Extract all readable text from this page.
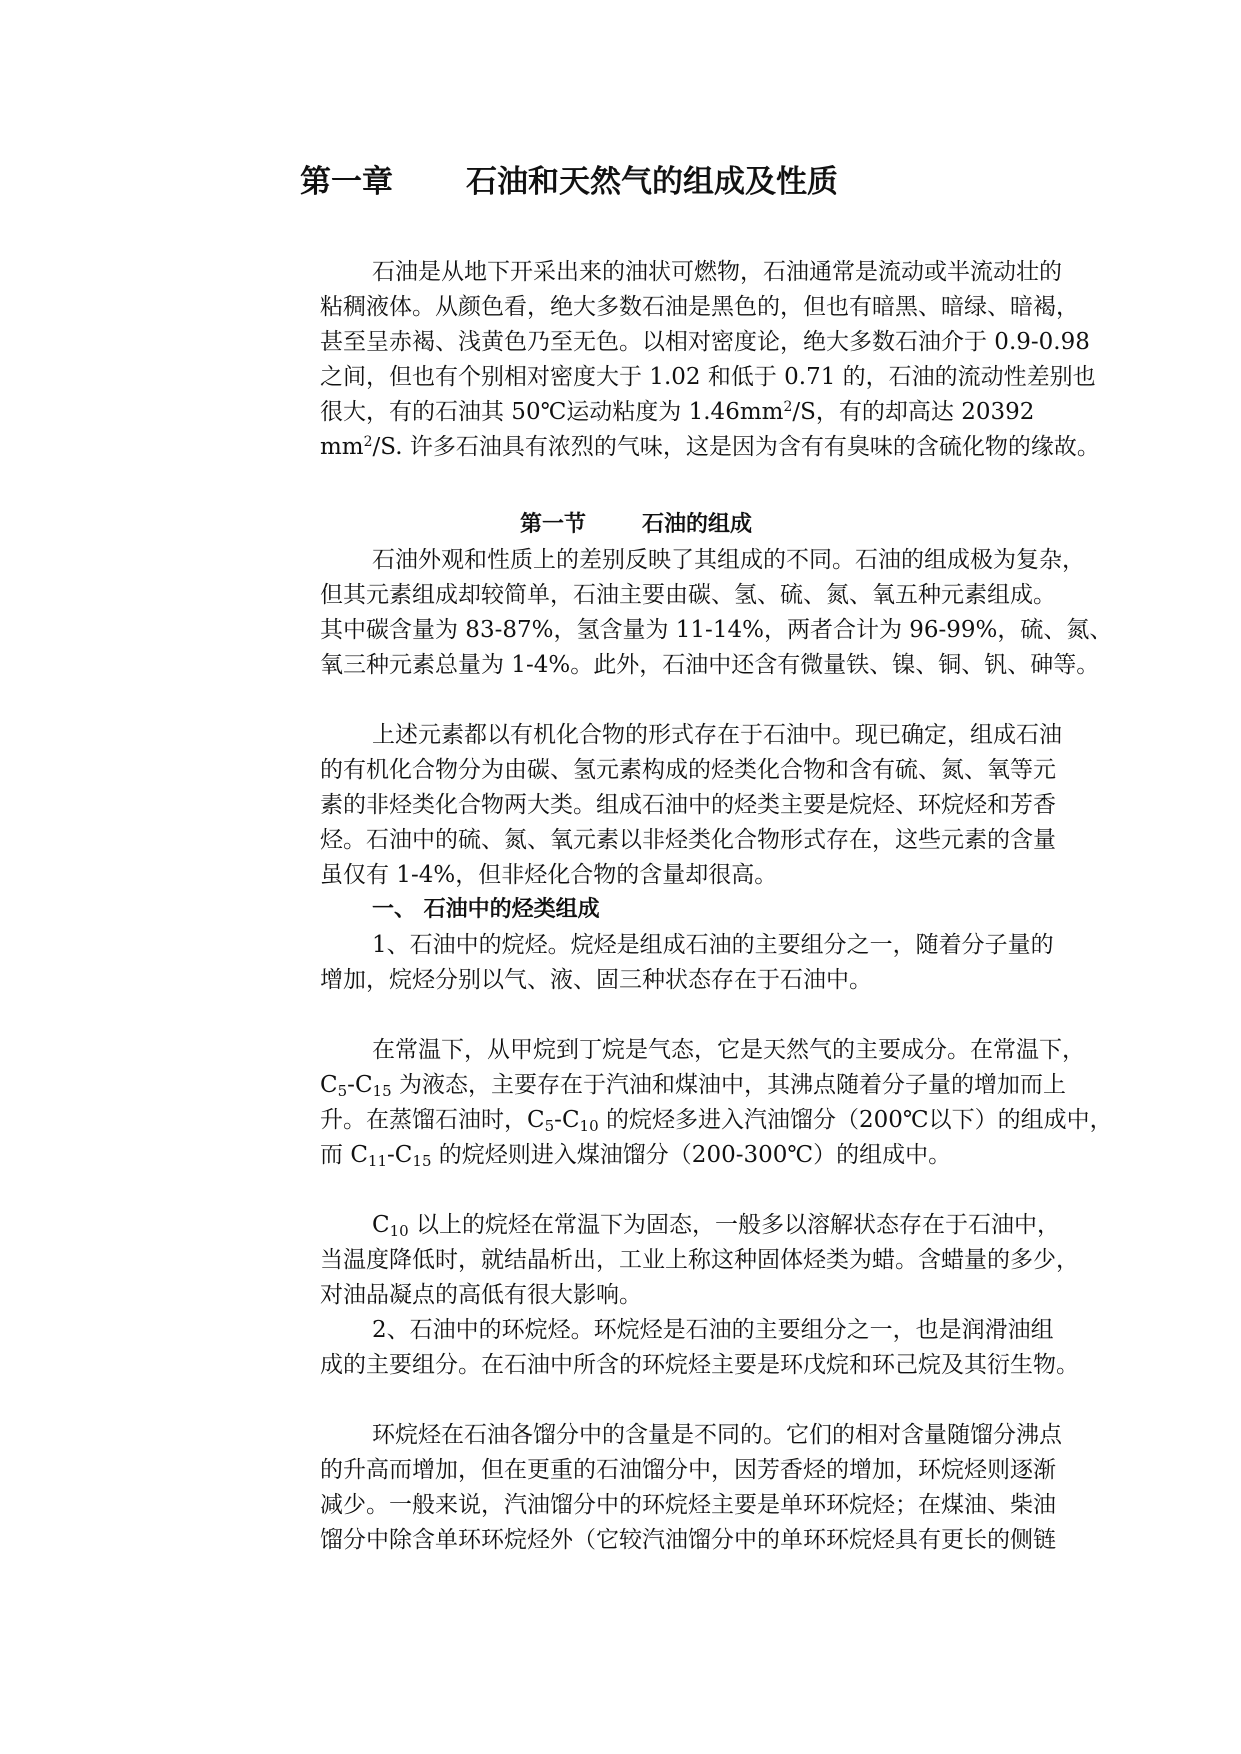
第一章 石油和天然气的组成及性质
石油是从地下开采出来的油状可燃物，石油通常是流动或半流动壮的
粘稠液体。从颜色看，绝大多数石油是黑色的，但也有暗黑、暗绿、暗褐，
甚至呈赤褐、浅黄色乃至无色。以相对密度论，绝大多数石油介于 0.9-0.98
之间，但也有个别相对密度大于 1.02 和低于 0.71 的，石油的流动性差别也
很大，有的石油其 50℃运动粘度为 $1.46mm^2/S$，有的却高达 20392
$mm^2/S$. 许多石油具有浓烈的气味，这是因为含有有臭味的含硫化物的缘故。
第一节	石油的组成
石油外观和性质上的差别反映了其组成的不同。石油的组成极为复杂，
但其元素组成却较简单，石油主要由碳、氢、硫、氮、氧五种元素组成。
其中碳含量为 83-87%，氢含量为 11-14%，两者合计为 96-99%，硫、氮、
氧三种元素总量为 1-4%。此外，石油中还含有微量铁、镍、铜、钒、砷等。
上述元素都以有机化合物的形式存在于石油中。现已确定，组成石油
的有机化合物分为由碳、氢元素构成的烃类化合物和含有硫、氮、氧等元
素的非烃类化合物两大类。组成石油中的烃类主要是烷烃、环烷烃和芳香
烃。石油中的硫、氮、氧元素以非烃类化合物形式存在，这些元素的含量
虽仅有 1-4%，但非烃化合物的含量却很高。
一、 石油中的烃类组成
1、石油中的烷烃。烷烃是组成石油的主要组分之一，随着分子量的
增加，烷烃分别以气、液、固三种状态存在于石油中。
在常温下，从甲烷到丁烷是气态，它是天然气的主要成分。在常温下，
$C_5-C_{15}$ 为液态，主要存在于汽油和煤油中，其沸点随着分子量的增加而上
升。在蒸馏石油时，$C_5-C_{10}$ 的烷烃多进入汽油馏分（200℃以下）的组成中，
而 $C_{11}-C_{15}$ 的烷烃则进入煤油馏分（200-300℃）的组成中。
$C_{10}$ 以上的烷烃在常温下为固态，一般多以溶解状态存在于石油中，
当温度降低时，就结晶析出，工业上称这种固体烃类为蜡。含蜡量的多少，
对油品凝点的高低有很大影响。
2、石油中的环烷烃。环烷烃是石油的主要组分之一，也是润滑油组
成的主要组分。在石油中所含的环烷烃主要是环戊烷和环己烷及其衍生物。
环烷烃在石油各馏分中的含量是不同的。它们的相对含量随馏分沸点
的升高而增加，但在更重的石油馏分中，因芳香烃的增加，环烷烃则逐渐
减少。一般来说，汽油馏分中的环烷烃主要是单环环烷烃；在煤油、柴油
馏分中除含单环环烷烃外（它较汽油馏分中的单环环烷烃具有更长的侧链
